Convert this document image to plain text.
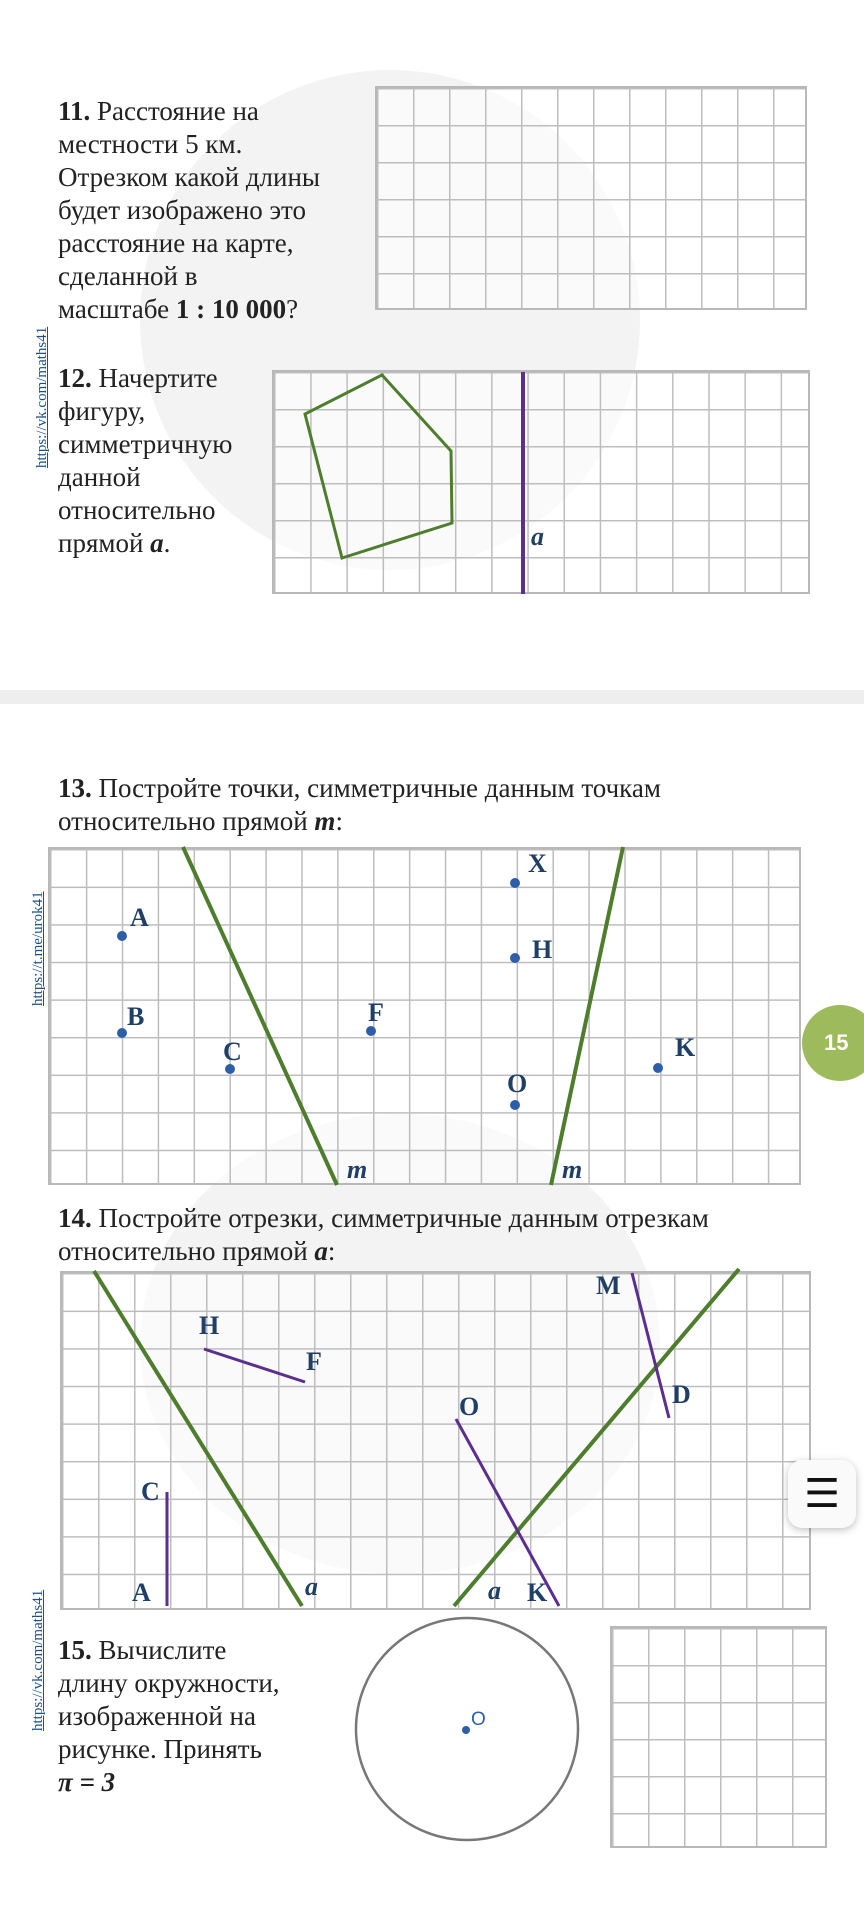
https://vk.com/maths41
11. Расстояние на
местности 5 км.
Отрезком какой длины
будет изображено это
расстояние на карте,
сделанной в
масштабе 1 : 10 000?
12. Начертите
фигуру,
симметричную
данной
относительно
прямой a.	a
https://t.me/urok41
https://vk.com/maths41
13. Постройте точки, симметричные данным точкам
относительно прямой m:
m	m
A
B
C
F
X
H
O
K
14. Постройте отрезки, симметричные данным отрезкам
относительно прямой a:
a	a
H
F
C
A
O
K
M
D
15. Вычислите
длину окружности,
изображенной на
рисунке. Принять
π = 3
O
15
☰
